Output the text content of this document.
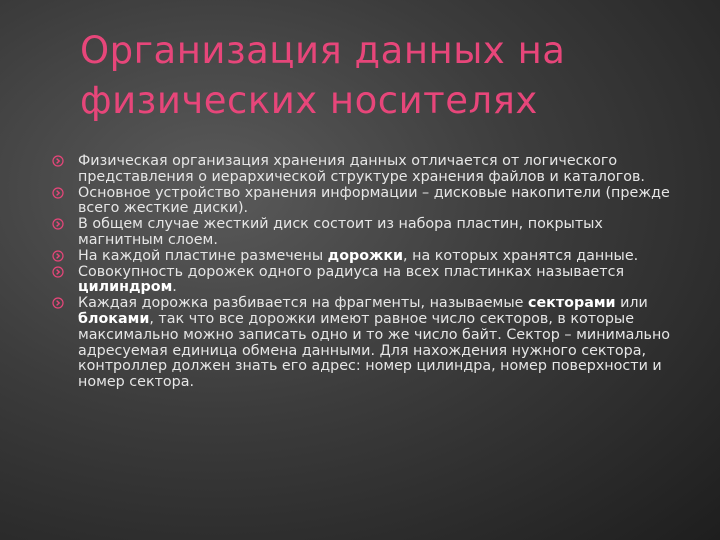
Организация данных на
физических носителях
Физическая организация хранения данных отличается от логического представления о иерархической структуре хранения файлов и каталогов.
Основное устройство хранения информации – дисковые накопители (прежде всего жесткие диски).
В общем случае жесткий диск состоит из набора пластин, покрытых магнитным слоем.
На каждой пластине размечены дорожки, на которых хранятся данные.
Совокупность дорожек одного радиуса на всех пластинках называется цилиндром.
Каждая дорожка разбивается на фрагменты, называемые секторами или блоками, так что все дорожки имеют равное число секторов, в которые максимально можно записать одно и то же число байт. Сектор – минимально адресуемая единица обмена данными. Для нахождения нужного сектора, контроллер должен знать его адрес: номер цилиндра, номер поверхности и номер сектора.
